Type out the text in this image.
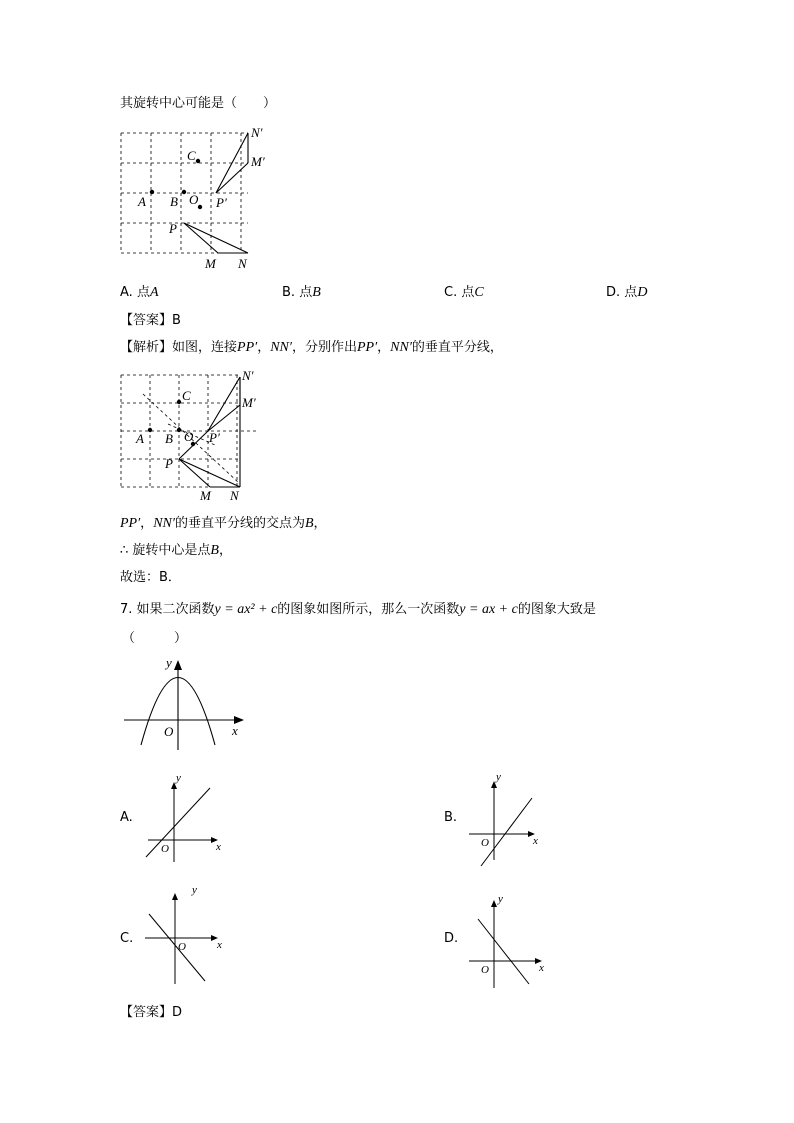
其旋转中心可能是（　　）
N′
M′
C
A B O P′
P
M N
A. 点A	B. 点B	C. 点C	D. 点D
【答案】B
【解析】如图，连接PP′，NN′，分别作出PP′，NN′的垂直平分线，
N′
M′
C
A B O P′
P
M N
PP′，NN′的垂直平分线的交点为B，
∴ 旋转中心是点B，
故选：B．
7. 如果二次函数y = ax² + c的图象如图所示，那么一次函数y = ax + c的图象大致是
（　　　）
y
x
O
A.
y
x
O
B.
y
x
O
C.
y
x
O
D.
y
x
O
【答案】D
